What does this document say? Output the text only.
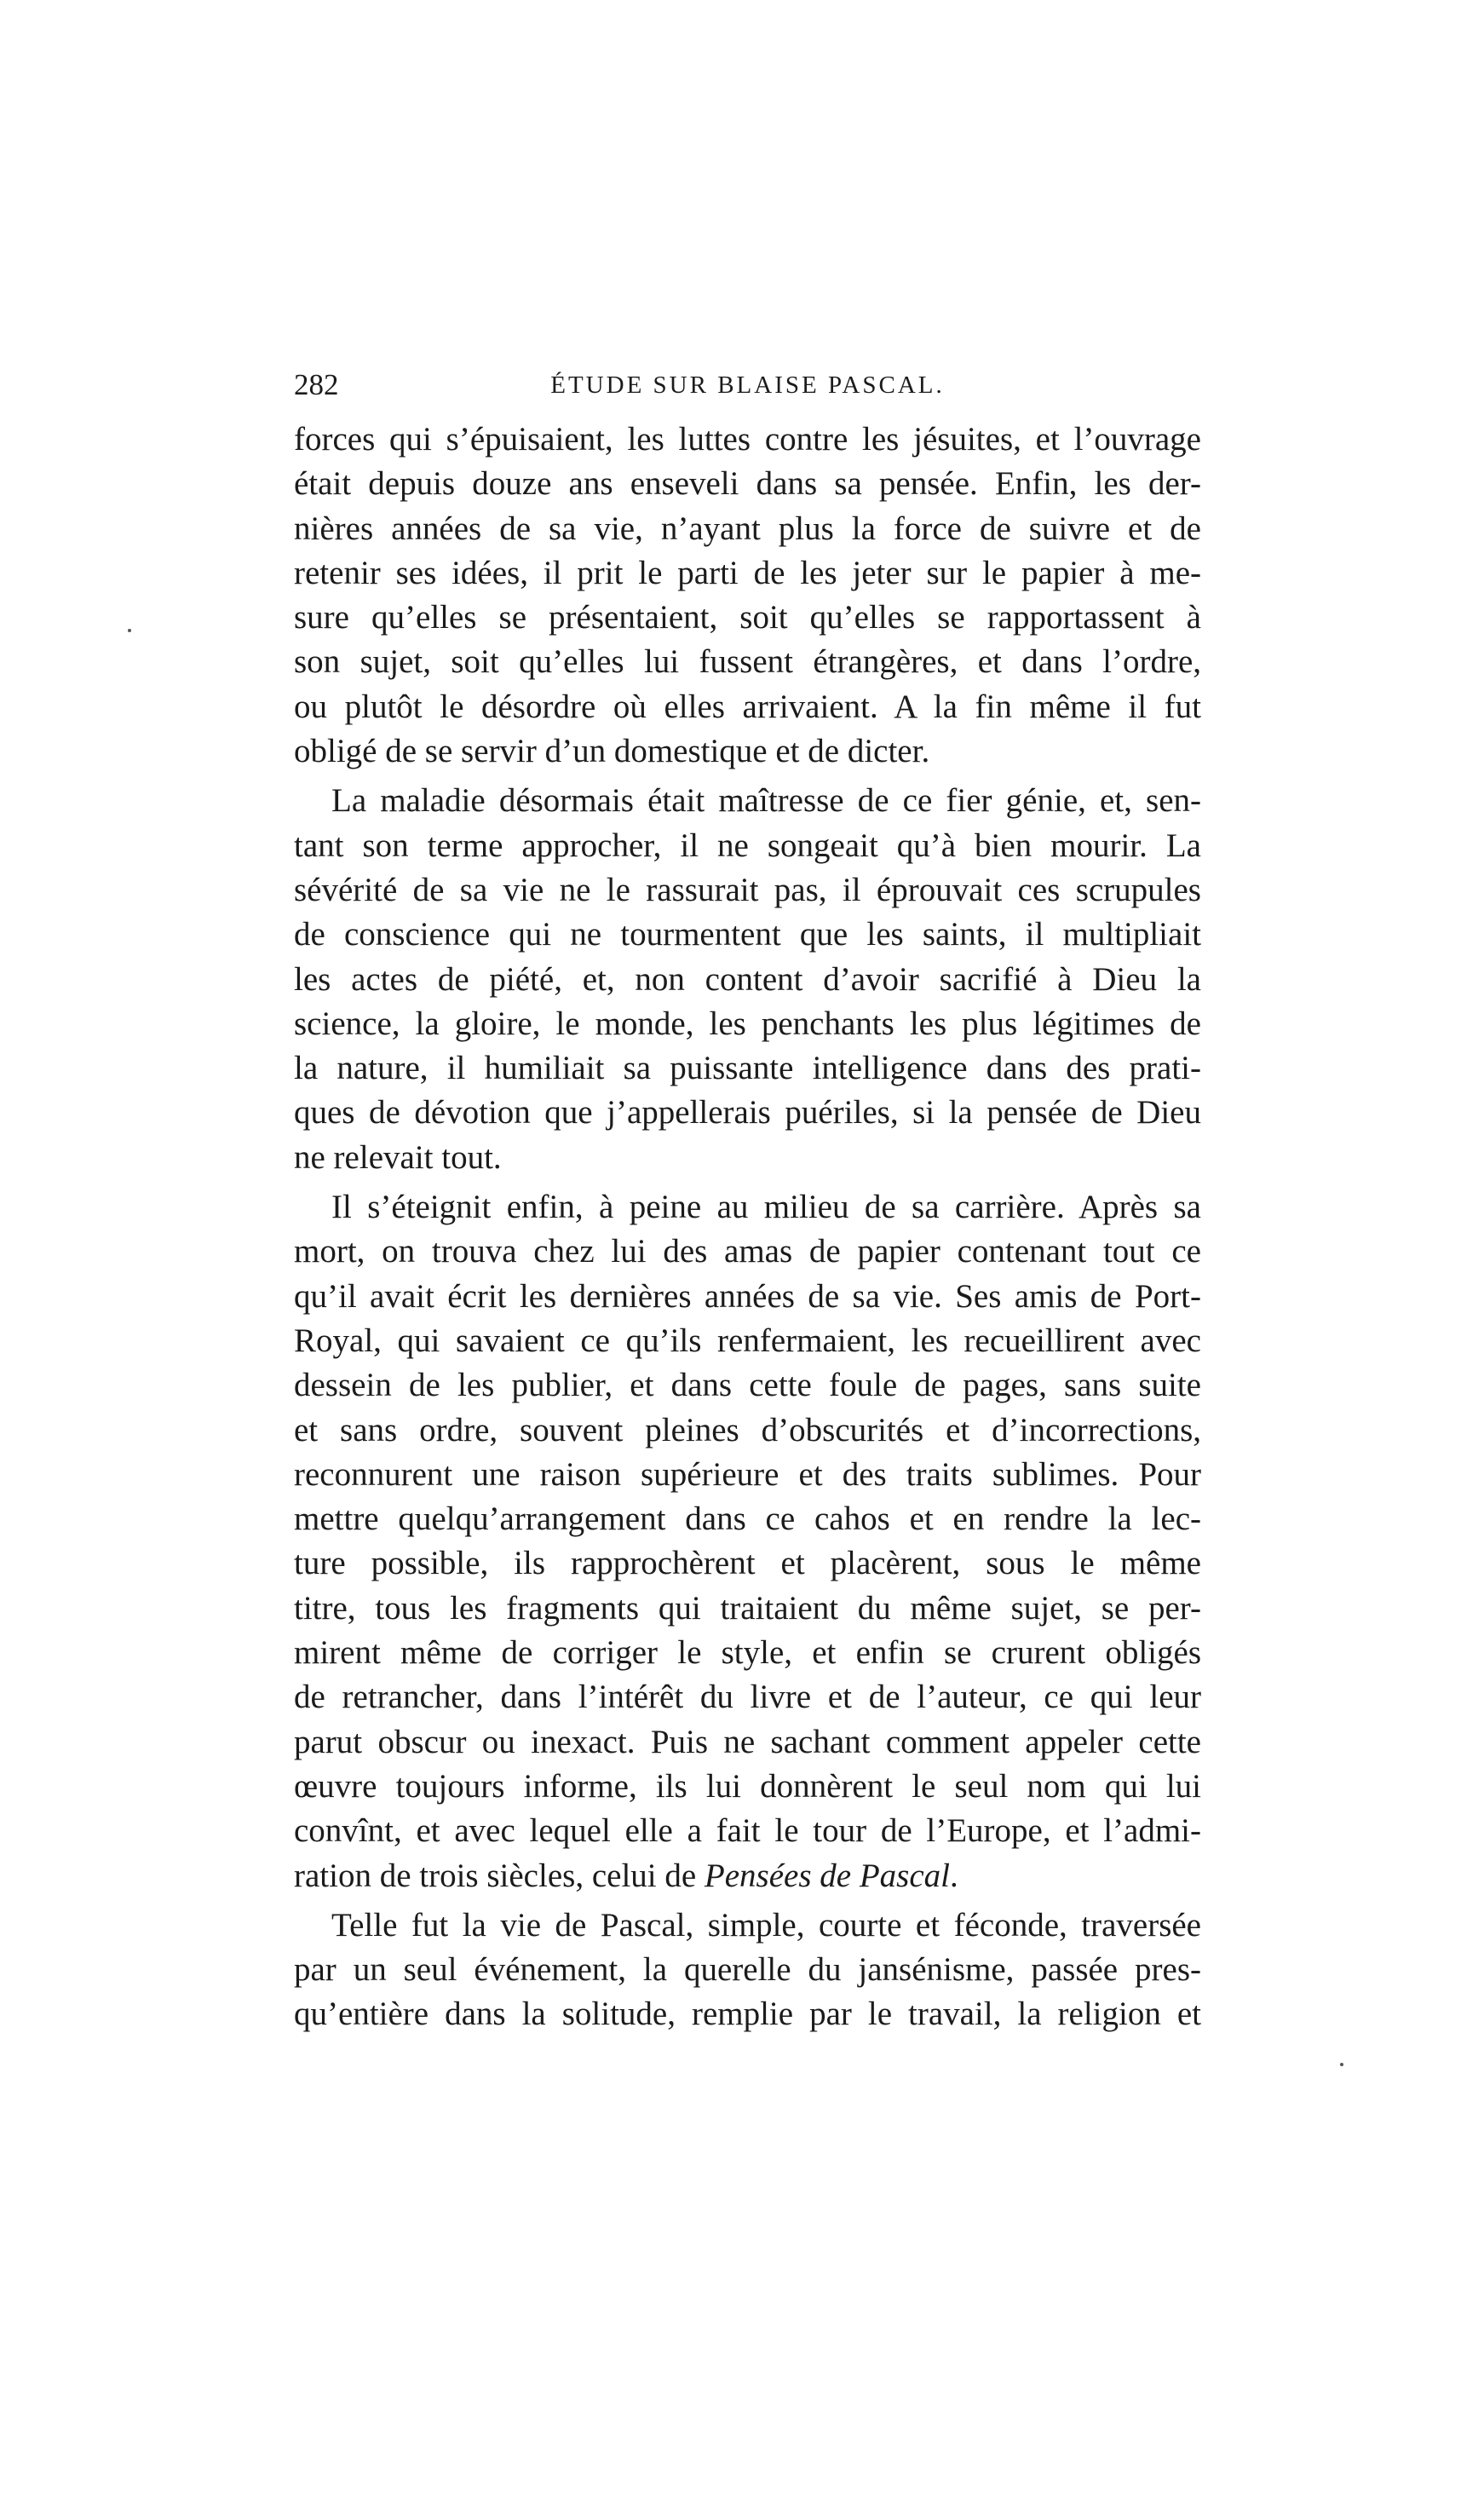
282	ÉTUDE SUR BLAISE PASCAL.

forces qui s’épuisaient, les luttes contre les jésuites, et l’ouvrage
était depuis douze ans enseveli dans sa pensée. Enfin, les der-
nières années de sa vie, n’ayant plus la force de suivre et de
retenir ses idées, il prit le parti de les jeter sur le papier à me-
sure qu’elles se présentaient, soit qu’elles se rapportassent à
son sujet, soit qu’elles lui fussent étrangères, et dans l’ordre,
ou plutôt le désordre où elles arrivaient. A la fin même il fut
obligé de se servir d’un domestique et de dicter.

La maladie désormais était maîtresse de ce fier génie, et, sen-
tant son terme approcher, il ne songeait qu’à bien mourir. La
sévérité de sa vie ne le rassurait pas, il éprouvait ces scrupules
de conscience qui ne tourmentent que les saints, il multipliait
les actes de piété, et, non content d’avoir sacrifié à Dieu la
science, la gloire, le monde, les penchants les plus légitimes de
la nature, il humiliait sa puissante intelligence dans des prati-
ques de dévotion que j’appellerais puériles, si la pensée de Dieu
ne relevait tout.

Il s’éteignit enfin, à peine au milieu de sa carrière. Après sa
mort, on trouva chez lui des amas de papier contenant tout ce
qu’il avait écrit les dernières années de sa vie. Ses amis de Port-
Royal, qui savaient ce qu’ils renfermaient, les recueillirent avec
dessein de les publier, et dans cette foule de pages, sans suite
et sans ordre, souvent pleines d’obscurités et d’incorrections,
reconnurent une raison supérieure et des traits sublimes. Pour
mettre quelqu’arrangement dans ce cahos et en rendre la lec-
ture possible, ils rapprochèrent et placèrent, sous le même
titre, tous les fragments qui traitaient du même sujet, se per-
mirent même de corriger le style, et enfin se crurent obligés
de retrancher, dans l’intérêt du livre et de l’auteur, ce qui leur
parut obscur ou inexact. Puis ne sachant comment appeler cette
œuvre toujours informe, ils lui donnèrent le seul nom qui lui
convînt, et avec lequel elle a fait le tour de l’Europe, et l’admi-
ration de trois siècles, celui de Pensées de Pascal.

Telle fut la vie de Pascal, simple, courte et féconde, traversée
par un seul événement, la querelle du jansénisme, passée pres-
qu’entière dans la solitude, remplie par le travail, la religion et
